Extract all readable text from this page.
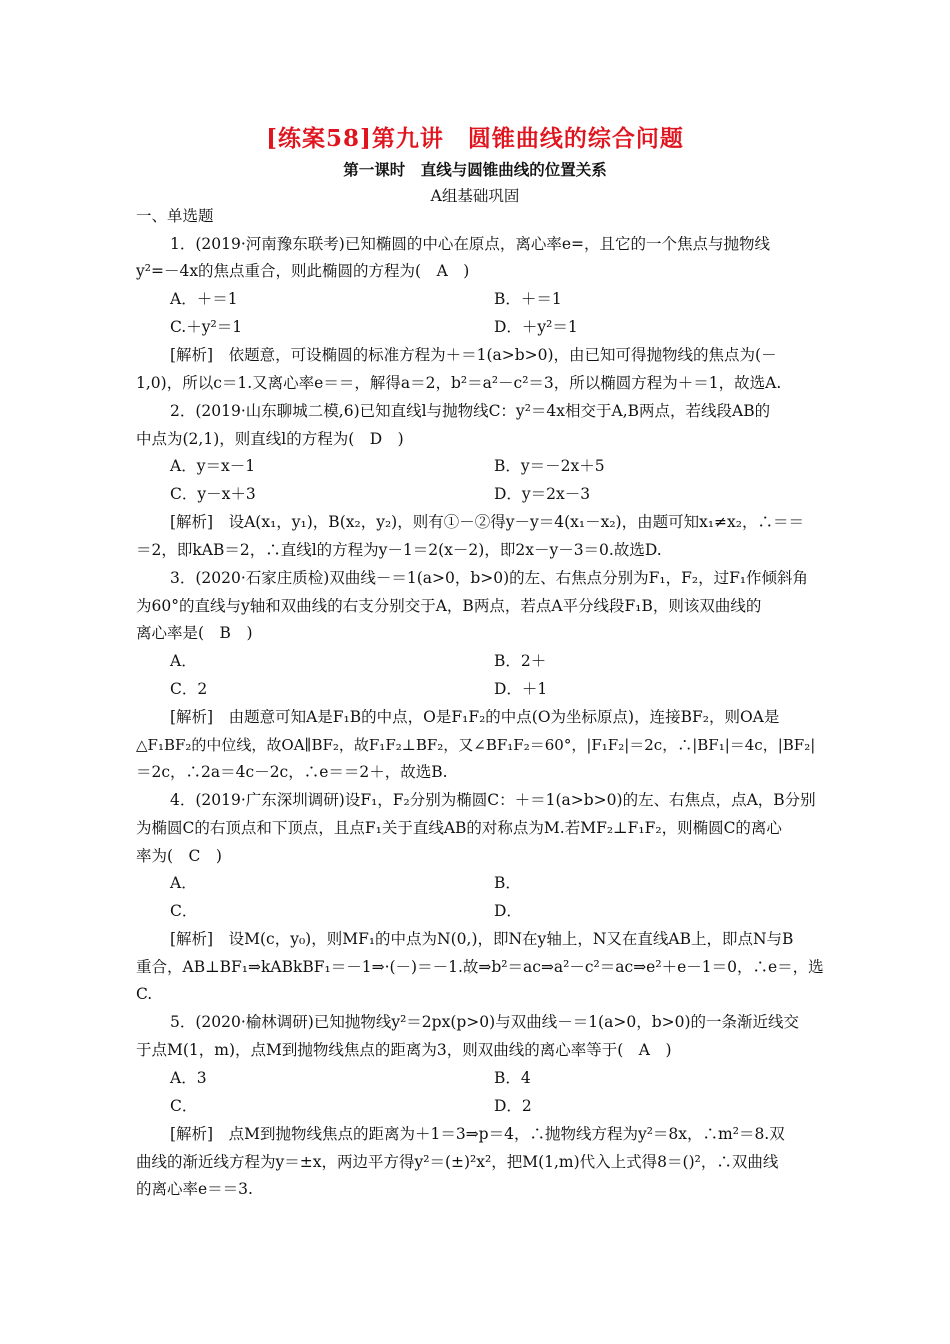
[练案58]第九讲　圆锥曲线的综合问题
第一课时　直线与圆锥曲线的位置关系
A组基础巩固
一、单选题
1．(2019·河南豫东联考)已知椭圆的中心在原点，离心率e=，且它的一个焦点与抛物线
y²=－4x的焦点重合，则此椭圆的方程为(　A　)
A．＋＝1	B．＋＝1
C.＋y²＝1	D．＋y²＝1
[解析]　依题意，可设椭圆的标准方程为＋＝1(a>b>0)，由已知可得抛物线的焦点为(－
1,0)，所以c＝1.又离心率e＝＝，解得a＝2，b²＝a²－c²＝3，所以椭圆方程为＋＝1，故选A.
2．(2019·山东聊城二模,6)已知直线l与抛物线C：y²＝4x相交于A,B两点，若线段AB的
中点为(2,1)，则直线l的方程为(　D　)
A．y＝x－1	B．y＝－2x＋5
C．y－x＋3	D．y＝2x－3
[解析]　设A(x₁，y₁)，B(x₂，y₂)，则有①－②得y－y＝4(x₁－x₂)，由题可知x₁≠x₂，∴＝＝
＝2，即kAB＝2，∴直线l的方程为y－1＝2(x－2)，即2x－y－3＝0.故选D.
3．(2020·石家庄质检)双曲线－＝1(a>0，b>0)的左、右焦点分别为F₁，F₂，过F₁作倾斜角
为60°的直线与y轴和双曲线的右支分别交于A，B两点，若点A平分线段F₁B，则该双曲线的
离心率是(　B　)
A．	B．2＋
C．2	D．＋1
[解析]　由题意可知A是F₁B的中点，O是F₁F₂的中点(O为坐标原点)，连接BF₂，则OA是
△F₁BF₂的中位线，故OA∥BF₂，故F₁F₂⊥BF₂，又∠BF₁F₂＝60°，|F₁F₂|＝2c，∴|BF₁|＝4c，|BF₂|
＝2c，∴2a＝4c－2c，∴e＝＝2＋，故选B.
4．(2019·广东深圳调研)设F₁，F₂分别为椭圆C：＋＝1(a>b>0)的左、右焦点，点A，B分别
为椭圆C的右顶点和下顶点，且点F₁关于直线AB的对称点为M.若MF₂⊥F₁F₂，则椭圆C的离心
率为(　C　)
A．	B．
C．	D．
[解析]　设M(c，y₀)，则MF₁的中点为N(0,)，即N在y轴上，N又在直线AB上，即点N与B
重合，AB⊥BF₁⇒kABkBF₁＝－1⇒·(－)＝－1.故⇒b²＝ac⇒a²－c²＝ac⇒e²＋e－1＝0，∴e＝，选
C.
5．(2020·榆林调研)已知抛物线y²＝2px(p>0)与双曲线－＝1(a>0，b>0)的一条渐近线交
于点M(1，m)，点M到抛物线焦点的距离为3，则双曲线的离心率等于(　A　)
A．3	B．4
C．	D．2
[解析]　点M到抛物线焦点的距离为＋1＝3⇒p＝4，∴抛物线方程为y²＝8x，∴m²＝8.双
曲线的渐近线方程为y＝±x，两边平方得y²＝(±)²x²，把M(1,m)代入上式得8＝()²，∴双曲线
的离心率e＝＝3.
